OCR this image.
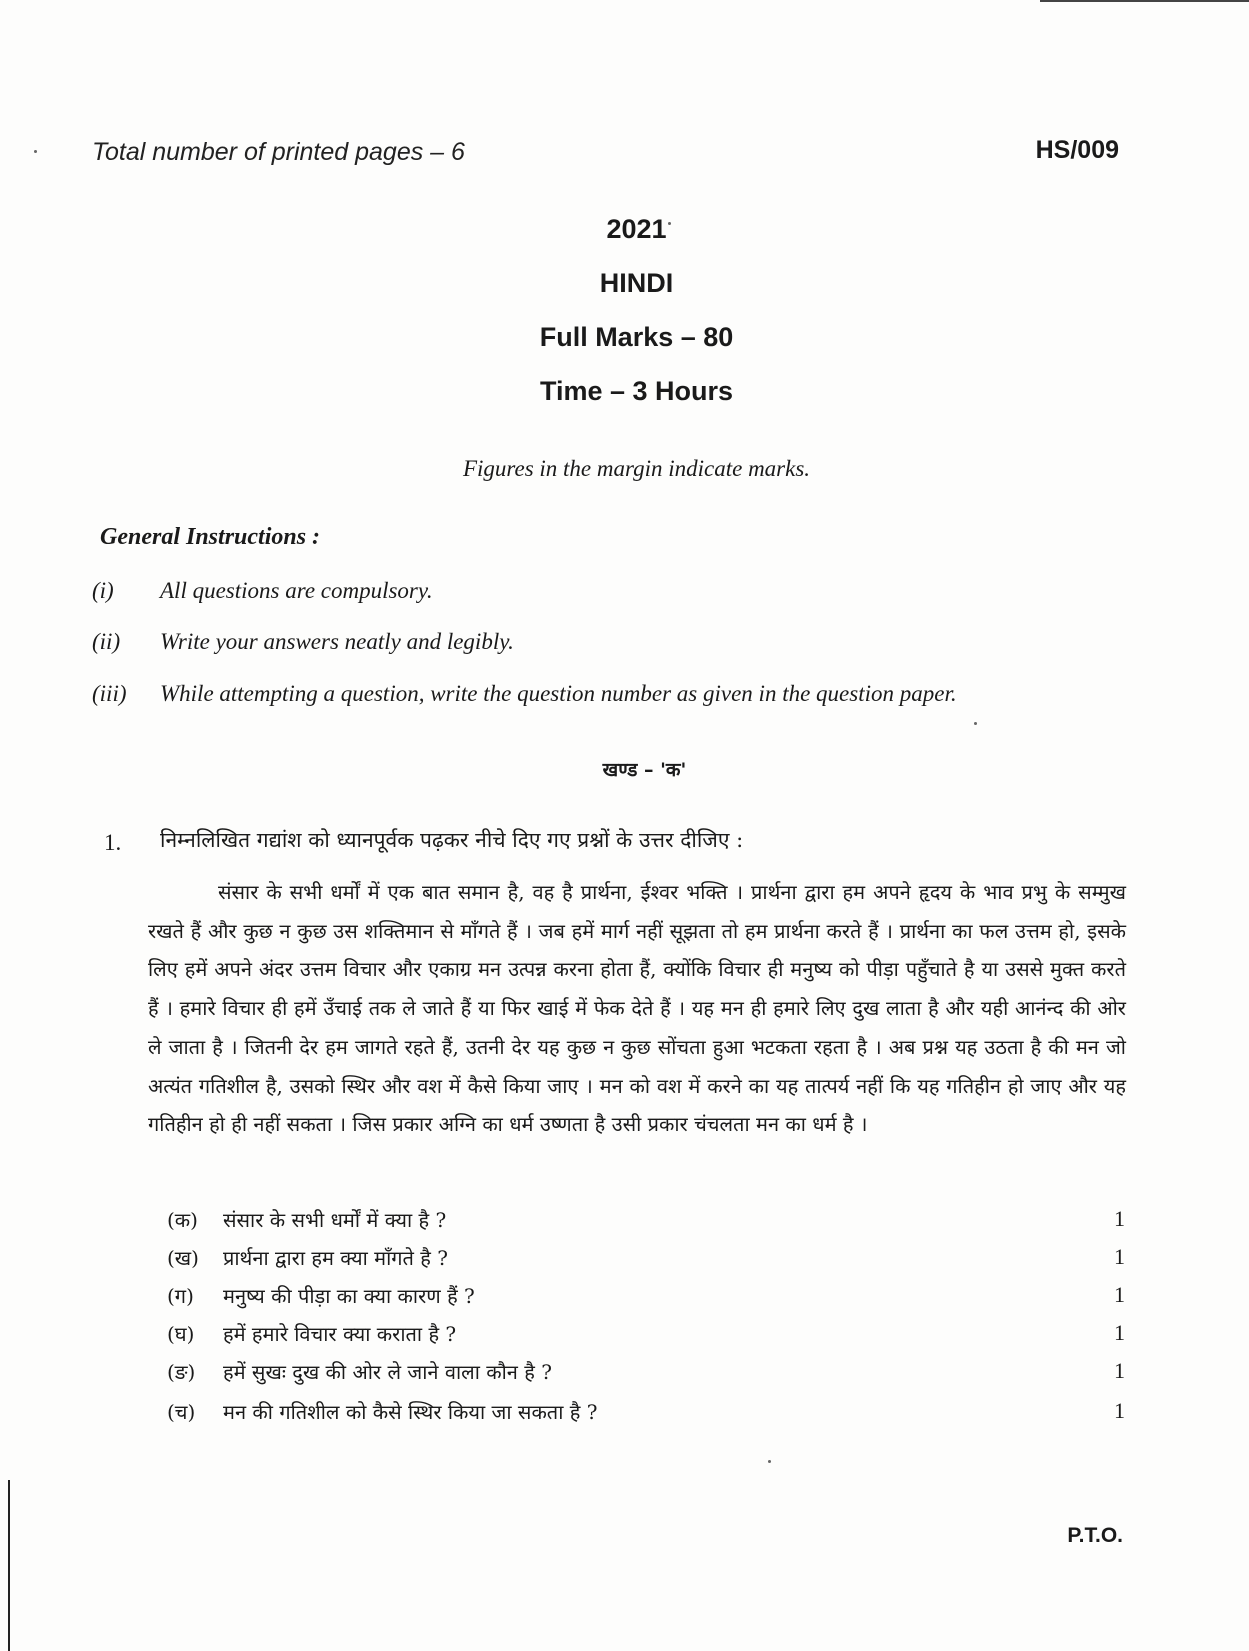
Total number of printed pages – 6	HS/009
2021
HINDI
Full Marks – 80
Time – 3 Hours
Figures in the margin indicate marks.
General Instructions :
(i) All questions are compulsory.
(ii) Write your answers neatly and legibly.
(iii) While attempting a question, write the question number as given in the question paper.
खण्ड – 'क'
1. निम्नलिखित गद्यांश को ध्यानपूर्वक पढ़कर नीचे दिए गए प्रश्नों के उत्तर दीजिए :
संसार के सभी धर्मों में एक बात समान है, वह है प्रार्थना, ईश्वर भक्ति । प्रार्थना द्वारा हम अपने हृदय के भाव प्रभु के सम्मुख रखते हैं और कुछ न कुछ उस शक्तिमान से माँगते हैं । जब हमें मार्ग नहीं सूझता तो हम प्रार्थना करते हैं । प्रार्थना का फल उत्तम हो, इसके लिए हमें अपने अंदर उत्तम विचार और एकाग्र मन उत्पन्न करना होता हैं, क्योंकि विचार ही मनुष्य को पीड़ा पहुँचाते है या उससे मुक्त करते हैं । हमारे विचार ही हमें उँचाई तक ले जाते हैं या फिर खाई में फेक देते हैं । यह मन ही हमारे लिए दुख लाता है और यही आनंन्द की ओर ले जाता है । जितनी देर हम जागते रहते हैं, उतनी देर यह कुछ न कुछ सोंचता हुआ भटकता रहता है । अब प्रश्न यह उठता है की मन जो अत्यंत गतिशील है, उसको स्थिर और वश में कैसे किया जाए । मन को वश में करने का यह तात्पर्य नहीं कि यह गतिहीन हो जाए और यह गतिहीन हो ही नहीं सकता । जिस प्रकार अग्नि का धर्म उष्णता है उसी प्रकार चंचलता मन का धर्म है ।
(क) संसार के सभी धर्मों में क्या है ?	1
(ख) प्रार्थना द्वारा हम क्या माँगते है ?	1
(ग) मनुष्य की पीड़ा का क्या कारण हैं ?	1
(घ) हमें हमारे विचार क्या कराता है ?	1
(ङ) हमें सुखः दुख की ओर ले जाने वाला कौन है ?	1
(च) मन की गतिशील को कैसे स्थिर किया जा सकता है ?	1
P.T.O.
